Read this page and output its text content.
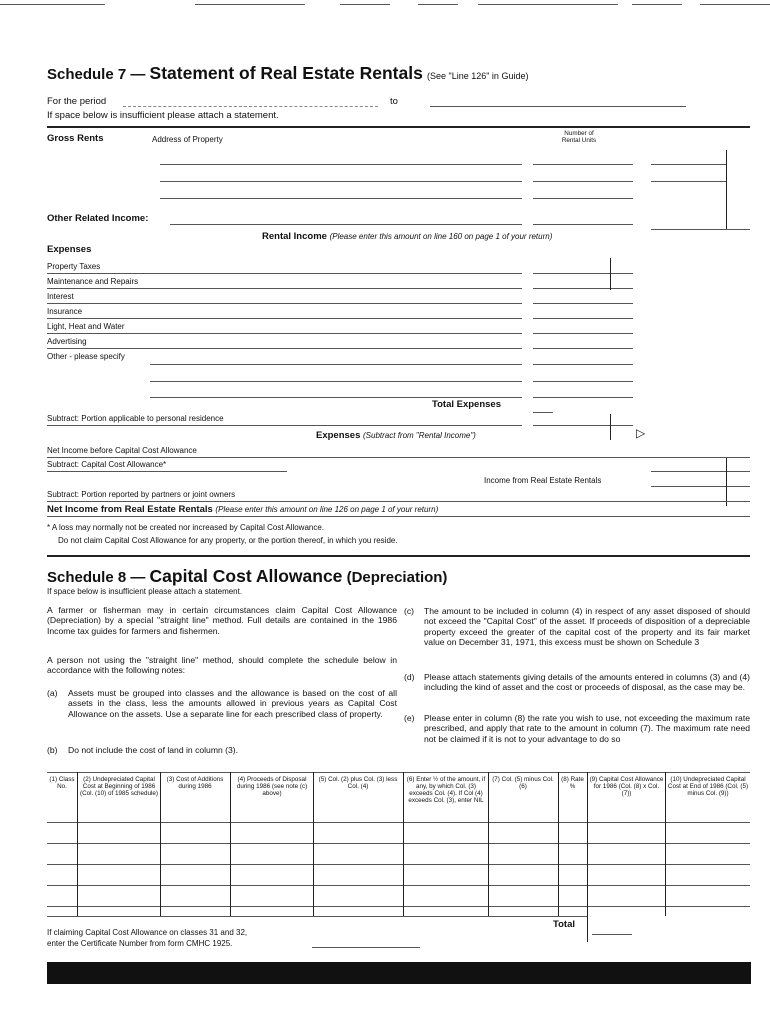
Schedule 7 — Statement of Real Estate Rentals (See "Line 126" in Guide)
For the period	to
If space below is insufficient please attach a statement.
Gross Rents	Address of Property
Number of
Rental Units
Other Related Income:
Rental Income (Please enter this amount on line 160 on page 1 of your return)
Expenses
Property Taxes
Maintenance and Repairs
Interest
Insurance
Light, Heat and Water
Advertising
Other - please specify
Total Expenses
Subtract: Portion applicable to personal residence
Expenses (Subtract from "Rental Income")	▷
Net Income before Capital Cost Allowance
Subtract: Capital Cost Allowance*
Income from Real Estate Rentals
Subtract: Portion reported by partners or joint owners
Net Income from Real Estate Rentals (Please enter this amount on line 126 on page 1 of your return)
* A loss may normally not be created nor increased by Capital Cost Allowance.
Do not claim Capital Cost Allowance for any property, or the portion thereof, in which you reside.
Schedule 8 — Capital Cost Allowance (Depreciation)
If space below is insufficient please attach a statement.
A farmer or fisherman may in certain circumstances claim Capital Cost Allowance (Depreciation) by a special "straight line" method. Full details are contained in the 1986 Income tax guides for farmers and fishermen.
A person not using the "straight line" method, should complete the schedule below in accordance with the following notes:
(a) Assets must be grouped into classes and the allowance is based on the cost of all assets in the class, less the amounts allowed in previous years as Capital Cost Allowance on the assets. Use a separate line for each prescribed class of property.
(b) Do not include the cost of land in column (3).
(c) The amount to be included in column (4) in respect of any asset disposed of should not exceed the "Capital Cost" of the asset. If proceeds of disposition of a depreciable property exceed the greater of the capital cost of the property and its fair market value on December 31, 1971, this excess must be shown on Schedule 3
(d) Please attach statements giving details of the amounts entered in columns (3) and (4) including the kind of asset and the cost or proceeds of disposal, as the case may be.
(e) Please enter in column (8) the rate you wish to use, not exceeding the maximum rate prescribed, and apply that rate to the amount in column (7). The maximum rate need not be claimed if it is not to your advantage to do so
(1) Class No.
(2) Undepreciated Capital Cost at Beginning of 1986 (Col. (10) of 1985 schedule)
(3) Cost of Additions during 1986
(4) Proceeds of Disposal during 1986 (see note (c) above)
(5) Col. (2) plus Col. (3) less Col. (4)
(6) Enter ½ of the amount, if any, by which Col. (3) exceeds Col. (4). If Col (4) exceeds Col. (3), enter NIL
(7) Col. (5) minus Col. (6)
(8) Rate %
(9) Capital Cost Allowance for 1986 (Col. (8) x Col. (7))
(10) Undepreciated Capital Cost at End of 1986 (Col. (5) minus Col. (9))
Total
If claiming Capital Cost Allowance on classes 31 and 32,
enter the Certificate Number from form CMHC 1925.
